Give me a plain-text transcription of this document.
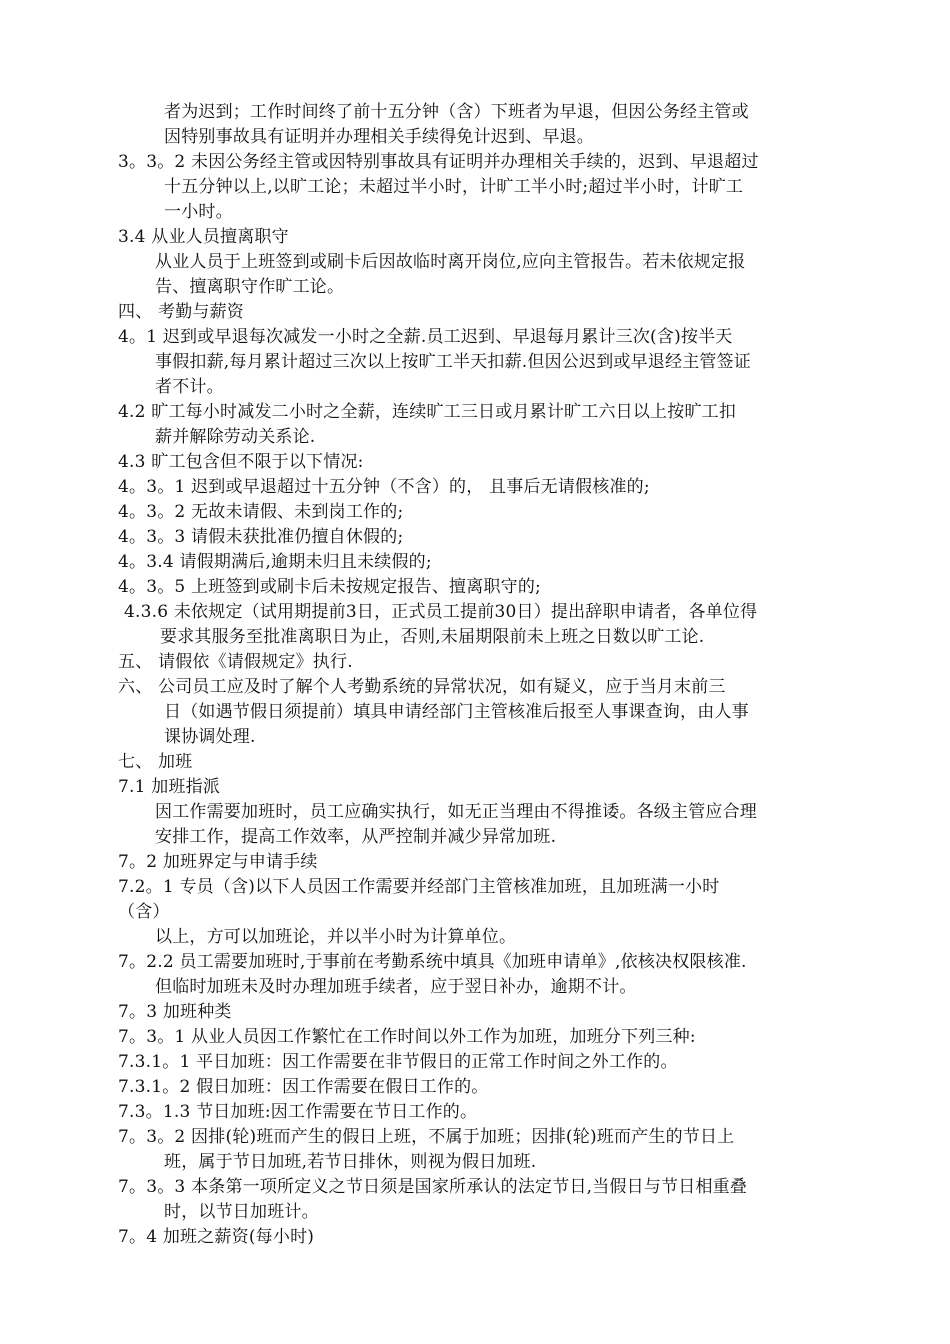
者为迟到；工作时间终了前十五分钟（含）下班者为早退，但因公务经主管或
因特别事故具有证明并办理相关手续得免计迟到、早退。
3。3。2 未因公务经主管或因特别事故具有证明并办理相关手续的，迟到、早退超过
十五分钟以上,以旷工论；未超过半小时，计旷工半小时;超过半小时，计旷工
一小时。
3.4 从业人员擅离职守
从业人员于上班签到或刷卡后因故临时离开岗位,应向主管报告。若未依规定报
告、擅离职守作旷工论。
四、 考勤与薪资
4。1 迟到或早退每次减发一小时之全薪.员工迟到、早退每月累计三次(含)按半天
事假扣薪,每月累计超过三次以上按旷工半天扣薪.但因公迟到或早退经主管签证
者不计。
4.2 旷工每小时减发二小时之全薪，连续旷工三日或月累计旷工六日以上按旷工扣
薪并解除劳动关系论.
4.3 旷工包含但不限于以下情况:
4。3。1 迟到或早退超过十五分钟（不含）的， 且事后无请假核准的;
4。3。2 无故未请假、未到岗工作的;
4。3。3 请假未获批准仍擅自休假的;
4。3.4 请假期满后,逾期未归且未续假的;
4。3。5 上班签到或刷卡后未按规定报告、擅离职守的;
4.3.6 未依规定（试用期提前3日，正式员工提前30日）提出辞职申请者，各单位得
要求其服务至批准离职日为止，否则,未届期限前未上班之日数以旷工论.
五、 请假依《请假规定》执行.
六、 公司员工应及时了解个人考勤系统的异常状况，如有疑义，应于当月末前三
日（如遇节假日须提前）填具申请经部门主管核准后报至人事课查询，由人事
课协调处理.
七、 加班
7.1 加班指派
因工作需要加班时，员工应确实执行，如无正当理由不得推诿。各级主管应合理
安排工作，提高工作效率，从严控制并减少异常加班.
7。2 加班界定与申请手续
7.2。1 专员（含)以下人员因工作需要并经部门主管核准加班，且加班满一小时
（含）
以上，方可以加班论，并以半小时为计算单位。
7。2.2 员工需要加班时,于事前在考勤系统中填具《加班申请单》,依核决权限核准.
但临时加班未及时办理加班手续者，应于翌日补办，逾期不计。
7。3 加班种类
7。3。1 从业人员因工作繁忙在工作时间以外工作为加班，加班分下列三种:
7.3.1。1 平日加班：因工作需要在非节假日的正常工作时间之外工作的。
7.3.1。2 假日加班：因工作需要在假日工作的。
7.3。1.3 节日加班:因工作需要在节日工作的。
7。3。2 因排(轮)班而产生的假日上班，不属于加班；因排(轮)班而产生的节日上
班，属于节日加班,若节日排休，则视为假日加班.
7。3。3 本条第一项所定义之节日须是国家所承认的法定节日,当假日与节日相重叠
时，以节日加班计。
7。4 加班之薪资(每小时)
